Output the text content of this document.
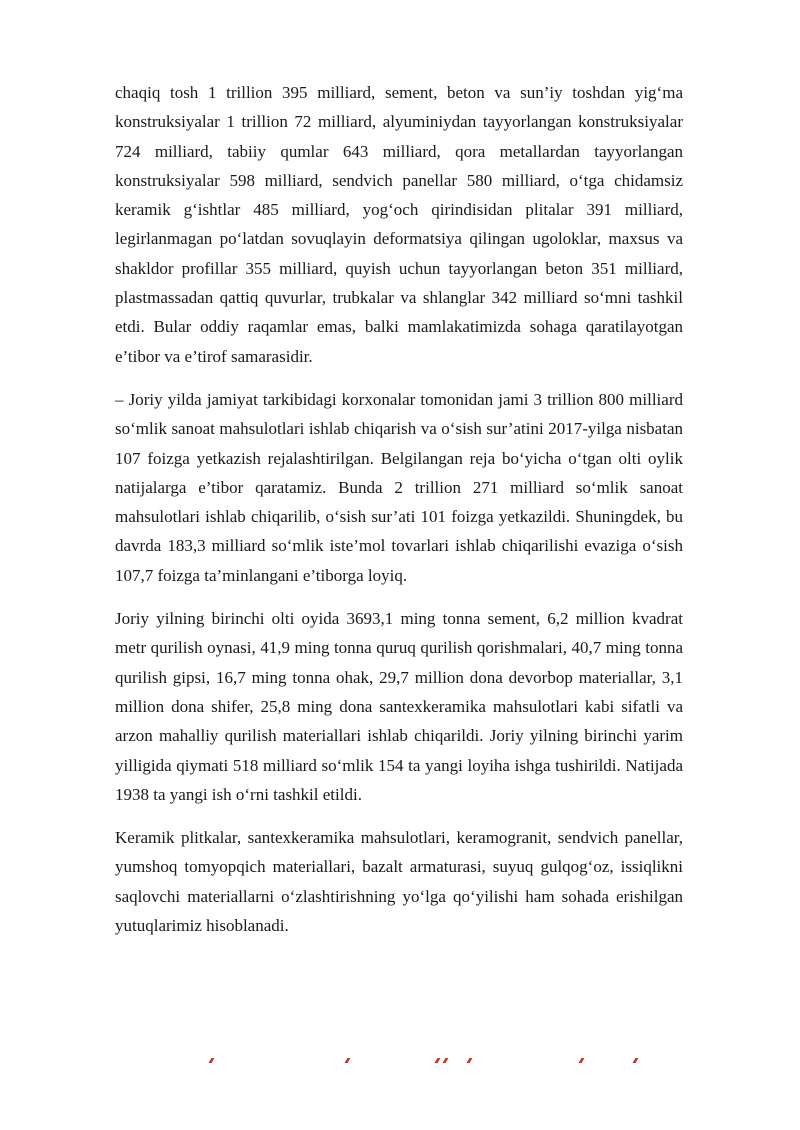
chaqiq tosh 1 trillion 395 milliard, sement, beton va sun’iy toshdan yig‘ma konstruksiyalar 1 trillion 72 milliard, alyuminiydan tayyorlangan konstruksiyalar 724 milliard, tabiiy qumlar 643 milliard, qora metallardan tayyorlangan konstruksiyalar 598 milliard, sendvich panellar 580 milliard, o‘tga chidamsiz keramik g‘ishtlar 485 milliard, yog‘och qirindisidan plitalar 391 milliard, legirlanmagan po‘latdan sovuqlayin deformatsiya qilingan ugoloklar, maxsus va shakldor profillar 355 milliard, quyish uchun tayyorlangan beton 351 milliard, plastmassadan qattiq quvurlar, trubkalar va shlanglar 342 milliard so‘mni tashkil etdi. Bular oddiy raqamlar emas, balki mamlakatimizda sohaga qaratilayotgan e’tibor va e’tirof samarasidir.

– Joriy yilda jamiyat tarkibidagi korxonalar tomonidan jami 3 trillion 800 milliard so‘mlik sanoat mahsulotlari ishlab chiqarish va o‘sish sur’atini 2017-yilga nisbatan 107 foizga yetkazish rejalashtirilgan. Belgilangan reja bo‘yicha o‘tgan olti oylik natijalarga e’tibor qaratamiz. Bunda 2 trillion 271 milliard so‘mlik sanoat mahsulotlari ishlab chiqarilib, o‘sish sur’ati 101 foizga yetkazildi. Shuningdek, bu davrda 183,3 milliard so‘mlik iste’mol tovarlari ishlab chiqarilishi evaziga o‘sish 107,7 foizga ta’minlangani e’tiborga loyiq.

Joriy yilning birinchi olti oyida 3693,1 ming tonna sement, 6,2 million kvadrat metr qurilish oynasi, 41,9 ming tonna quruq qurilish qorishmalari, 40,7 ming tonna qurilish gipsi, 16,7 ming tonna ohak, 29,7 million dona devorbop materiallar, 3,1 million dona shifer, 25,8 ming dona santexkeramika mahsulotlari kabi sifatli va arzon mahalliy qurilish materiallari ishlab chiqarildi. Joriy yilning birinchi yarim yilligida qiymati 518 milliard so‘mlik 154 ta yangi loyiha ishga tushirildi. Natijada 1938 ta yangi ish o‘rni tashkil etildi.

Keramik plitkalar, santexkeramika mahsulotlari, keramogranit, sendvich panellar, yumshoq tomyopqich materiallari, bazalt armaturasi, suyuq gulqog‘oz, issiqlikni saqlovchi materiallarni o‘zlashtirishning yo‘lga qo‘yilishi ham sohada erishilgan yutuqlarimiz hisoblanadi.
